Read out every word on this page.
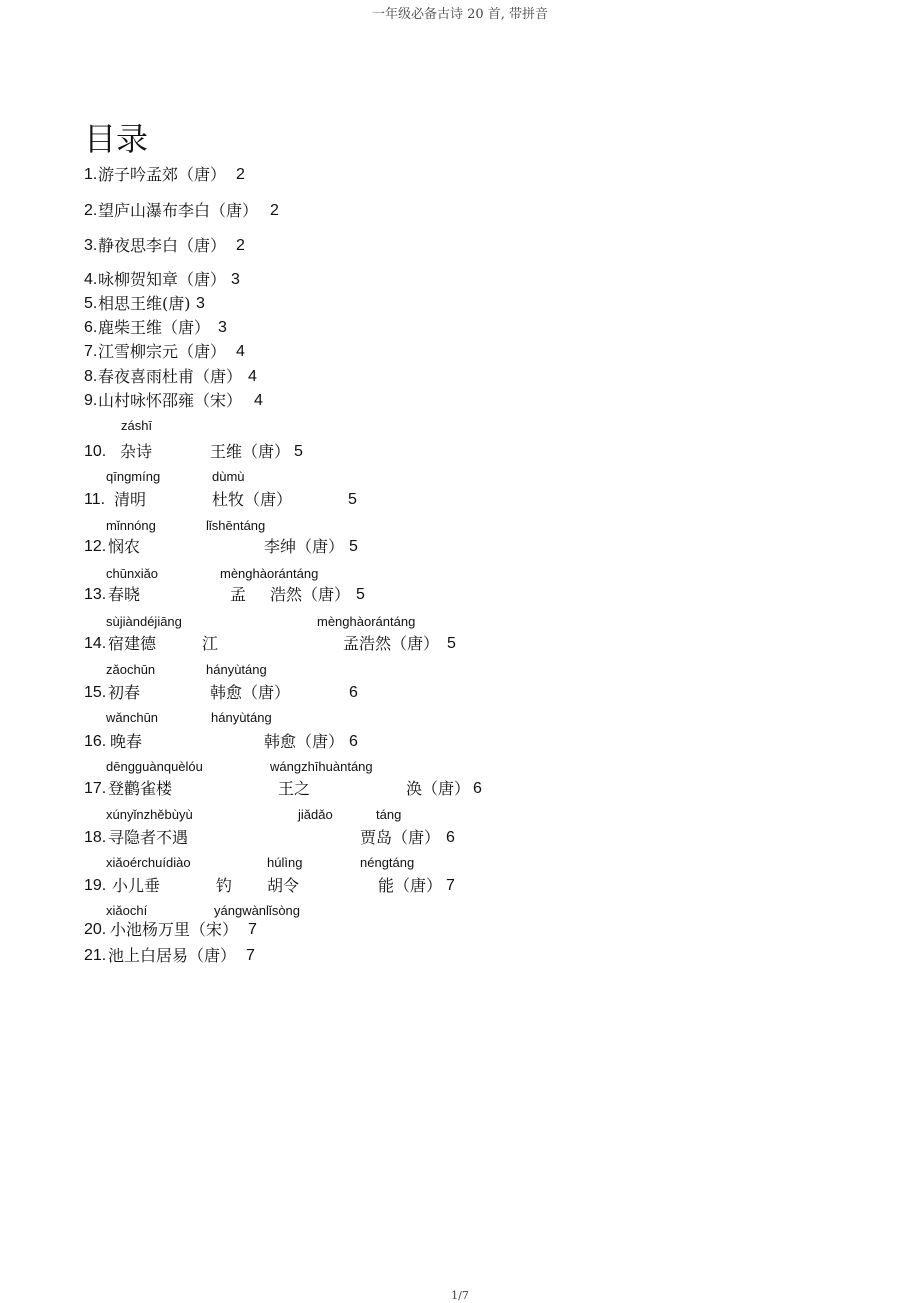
一年级必备古诗 20 首, 带拼音
目录
1. 游子吟孟郊（唐） 2
2. 望庐山瀑布李白（唐） 2
3. 静夜思李白（唐） 2
4. 咏柳贺知章（唐） 3
5. 相思王维(唐) 3
6. 鹿柴王维（唐） 3
7. 江雪柳宗元（唐） 4
8. 春夜喜雨杜甫（唐） 4
9. 山村咏怀邵雍（宋） 4
záshī
10. 杂诗	王维（唐） 5
qīngmíng	dùmù
11. 清明	杜牧（唐）	5
mǐnnóng	lǐshēntáng
12. 悯农	李绅（唐） 5
chūnxiǎo	mènghàorántáng
13. 春晓	孟 浩然（唐） 5
sùjiàndéjiāng	mènghàorántáng
14. 宿建德	江	孟浩然（唐） 5
zǎochūn	hányùtáng
15. 初春	韩愈（唐）	6
wǎnchūn	hányùtáng
16. 晚春	韩愈（唐） 6
dēngguànquèlóu	wángzhīhuàntáng
17. 登鹳雀楼	王之	涣（唐） 6
xúnyǐnzhěbùyù	jiǎdǎo	táng
18. 寻隐者不遇	贾岛（唐） 6
xiǎoérchuídiào	húlìng	néngtáng
19. 小儿垂	钓 胡令	能（唐） 7
xiǎochí	yángwànlǐsòng
20. 小池杨万里（宋） 7
21. 池上白居易（唐） 7
1/7
